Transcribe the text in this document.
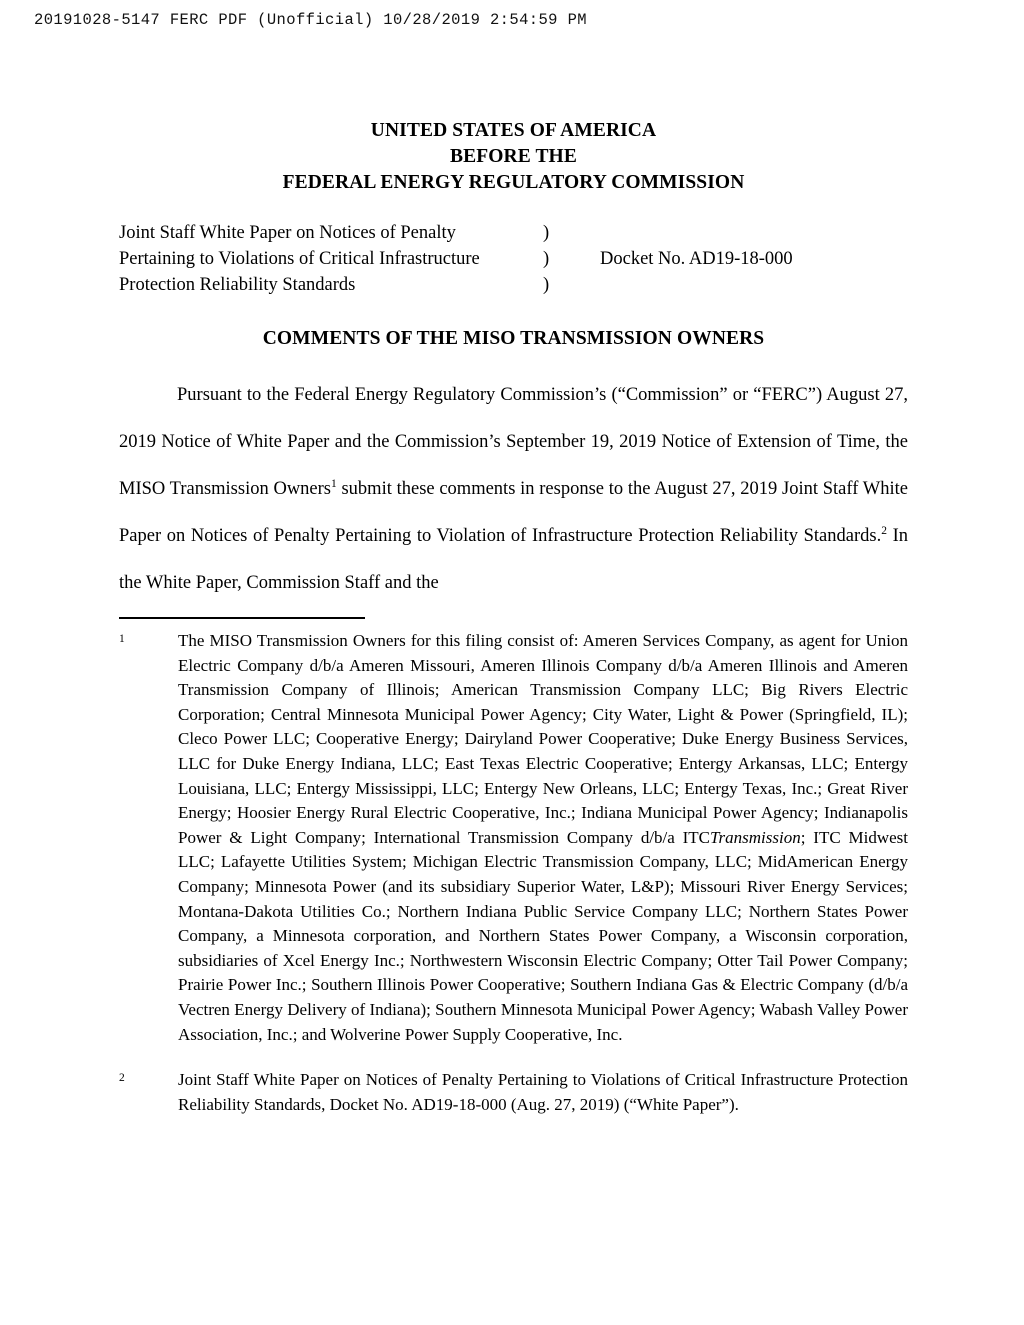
20191028-5147 FERC PDF (Unofficial) 10/28/2019 2:54:59 PM
UNITED STATES OF AMERICA
BEFORE THE
FEDERAL ENERGY REGULATORY COMMISSION
Joint Staff White Paper on Notices of Penalty	)
Pertaining to Violations of Critical Infrastructure	)	Docket No. AD19-18-000
Protection Reliability Standards	)
COMMENTS OF THE MISO TRANSMISSION OWNERS

Pursuant to the Federal Energy Regulatory Commission’s (“Commission” or “FERC”) August 27, 2019 Notice of White Paper and the Commission’s September 19, 2019 Notice of Extension of Time, the MISO Transmission Owners$^1$ submit these comments in response to the August 27, 2019 Joint Staff White Paper on Notices of Penalty Pertaining to Violation of Infrastructure Protection Reliability Standards.$^2$ In the White Paper, Commission Staff and the

1	The MISO Transmission Owners for this filing consist of: Ameren Services Company, as agent for Union Electric Company d/b/a Ameren Missouri, Ameren Illinois Company d/b/a Ameren Illinois and Ameren Transmission Company of Illinois; American Transmission Company LLC; Big Rivers Electric Corporation; Central Minnesota Municipal Power Agency; City Water, Light & Power (Springfield, IL); Cleco Power LLC; Cooperative Energy; Dairyland Power Cooperative; Duke Energy Business Services, LLC for Duke Energy Indiana, LLC; East Texas Electric Cooperative; Entergy Arkansas, LLC; Entergy Louisiana, LLC; Entergy Mississippi, LLC; Entergy New Orleans, LLC; Entergy Texas, Inc.; Great River Energy; Hoosier Energy Rural Electric Cooperative, Inc.; Indiana Municipal Power Agency; Indianapolis Power & Light Company; International Transmission Company d/b/a ITCTransmission; ITC Midwest LLC; Lafayette Utilities System; Michigan Electric Transmission Company, LLC; MidAmerican Energy Company; Minnesota Power (and its subsidiary Superior Water, L&P); Missouri River Energy Services; Montana-Dakota Utilities Co.; Northern Indiana Public Service Company LLC; Northern States Power Company, a Minnesota corporation, and Northern States Power Company, a Wisconsin corporation, subsidiaries of Xcel Energy Inc.; Northwestern Wisconsin Electric Company; Otter Tail Power Company; Prairie Power Inc.; Southern Illinois Power Cooperative; Southern Indiana Gas & Electric Company (d/b/a Vectren Energy Delivery of Indiana); Southern Minnesota Municipal Power Agency; Wabash Valley Power Association, Inc.; and Wolverine Power Supply Cooperative, Inc.
2	Joint Staff White Paper on Notices of Penalty Pertaining to Violations of Critical Infrastructure Protection Reliability Standards, Docket No. AD19-18-000 (Aug. 27, 2019) (“White Paper”).
